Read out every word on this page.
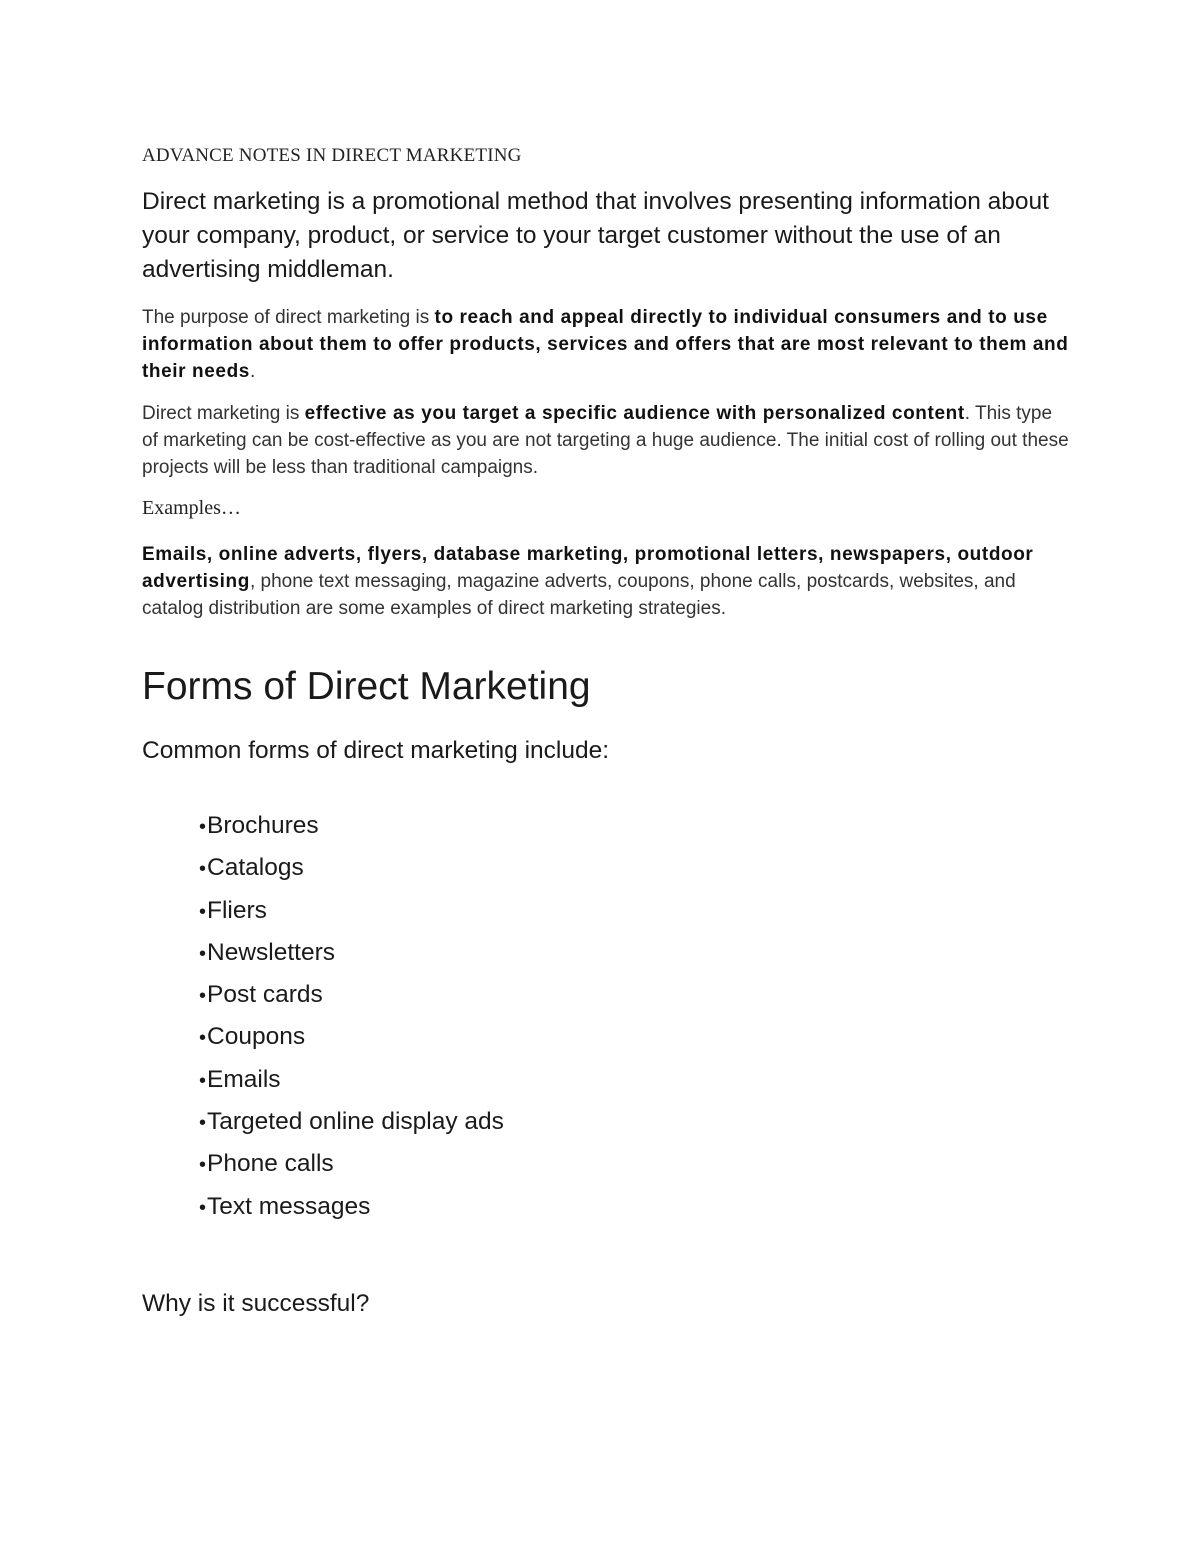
ADVANCE NOTES IN DIRECT MARKETING
Direct marketing is a promotional method that involves presenting information about your company, product, or service to your target customer without the use of an advertising middleman.
The purpose of direct marketing is to reach and appeal directly to individual consumers and to use information about them to offer products, services and offers that are most relevant to them and their needs.
Direct marketing is effective as you target a specific audience with personalized content. This type of marketing can be cost-effective as you are not targeting a huge audience. The initial cost of rolling out these projects will be less than traditional campaigns.
Examples…
Emails, online adverts, flyers, database marketing, promotional letters, newspapers, outdoor advertising, phone text messaging, magazine adverts, coupons, phone calls, postcards, websites, and catalog distribution are some examples of direct marketing strategies.
Forms of Direct Marketing
Common forms of direct marketing include:
•Brochures
•Catalogs
•Fliers
•Newsletters
•Post cards
•Coupons
•Emails
•Targeted online display ads
•Phone calls
•Text messages
Why is it successful?
